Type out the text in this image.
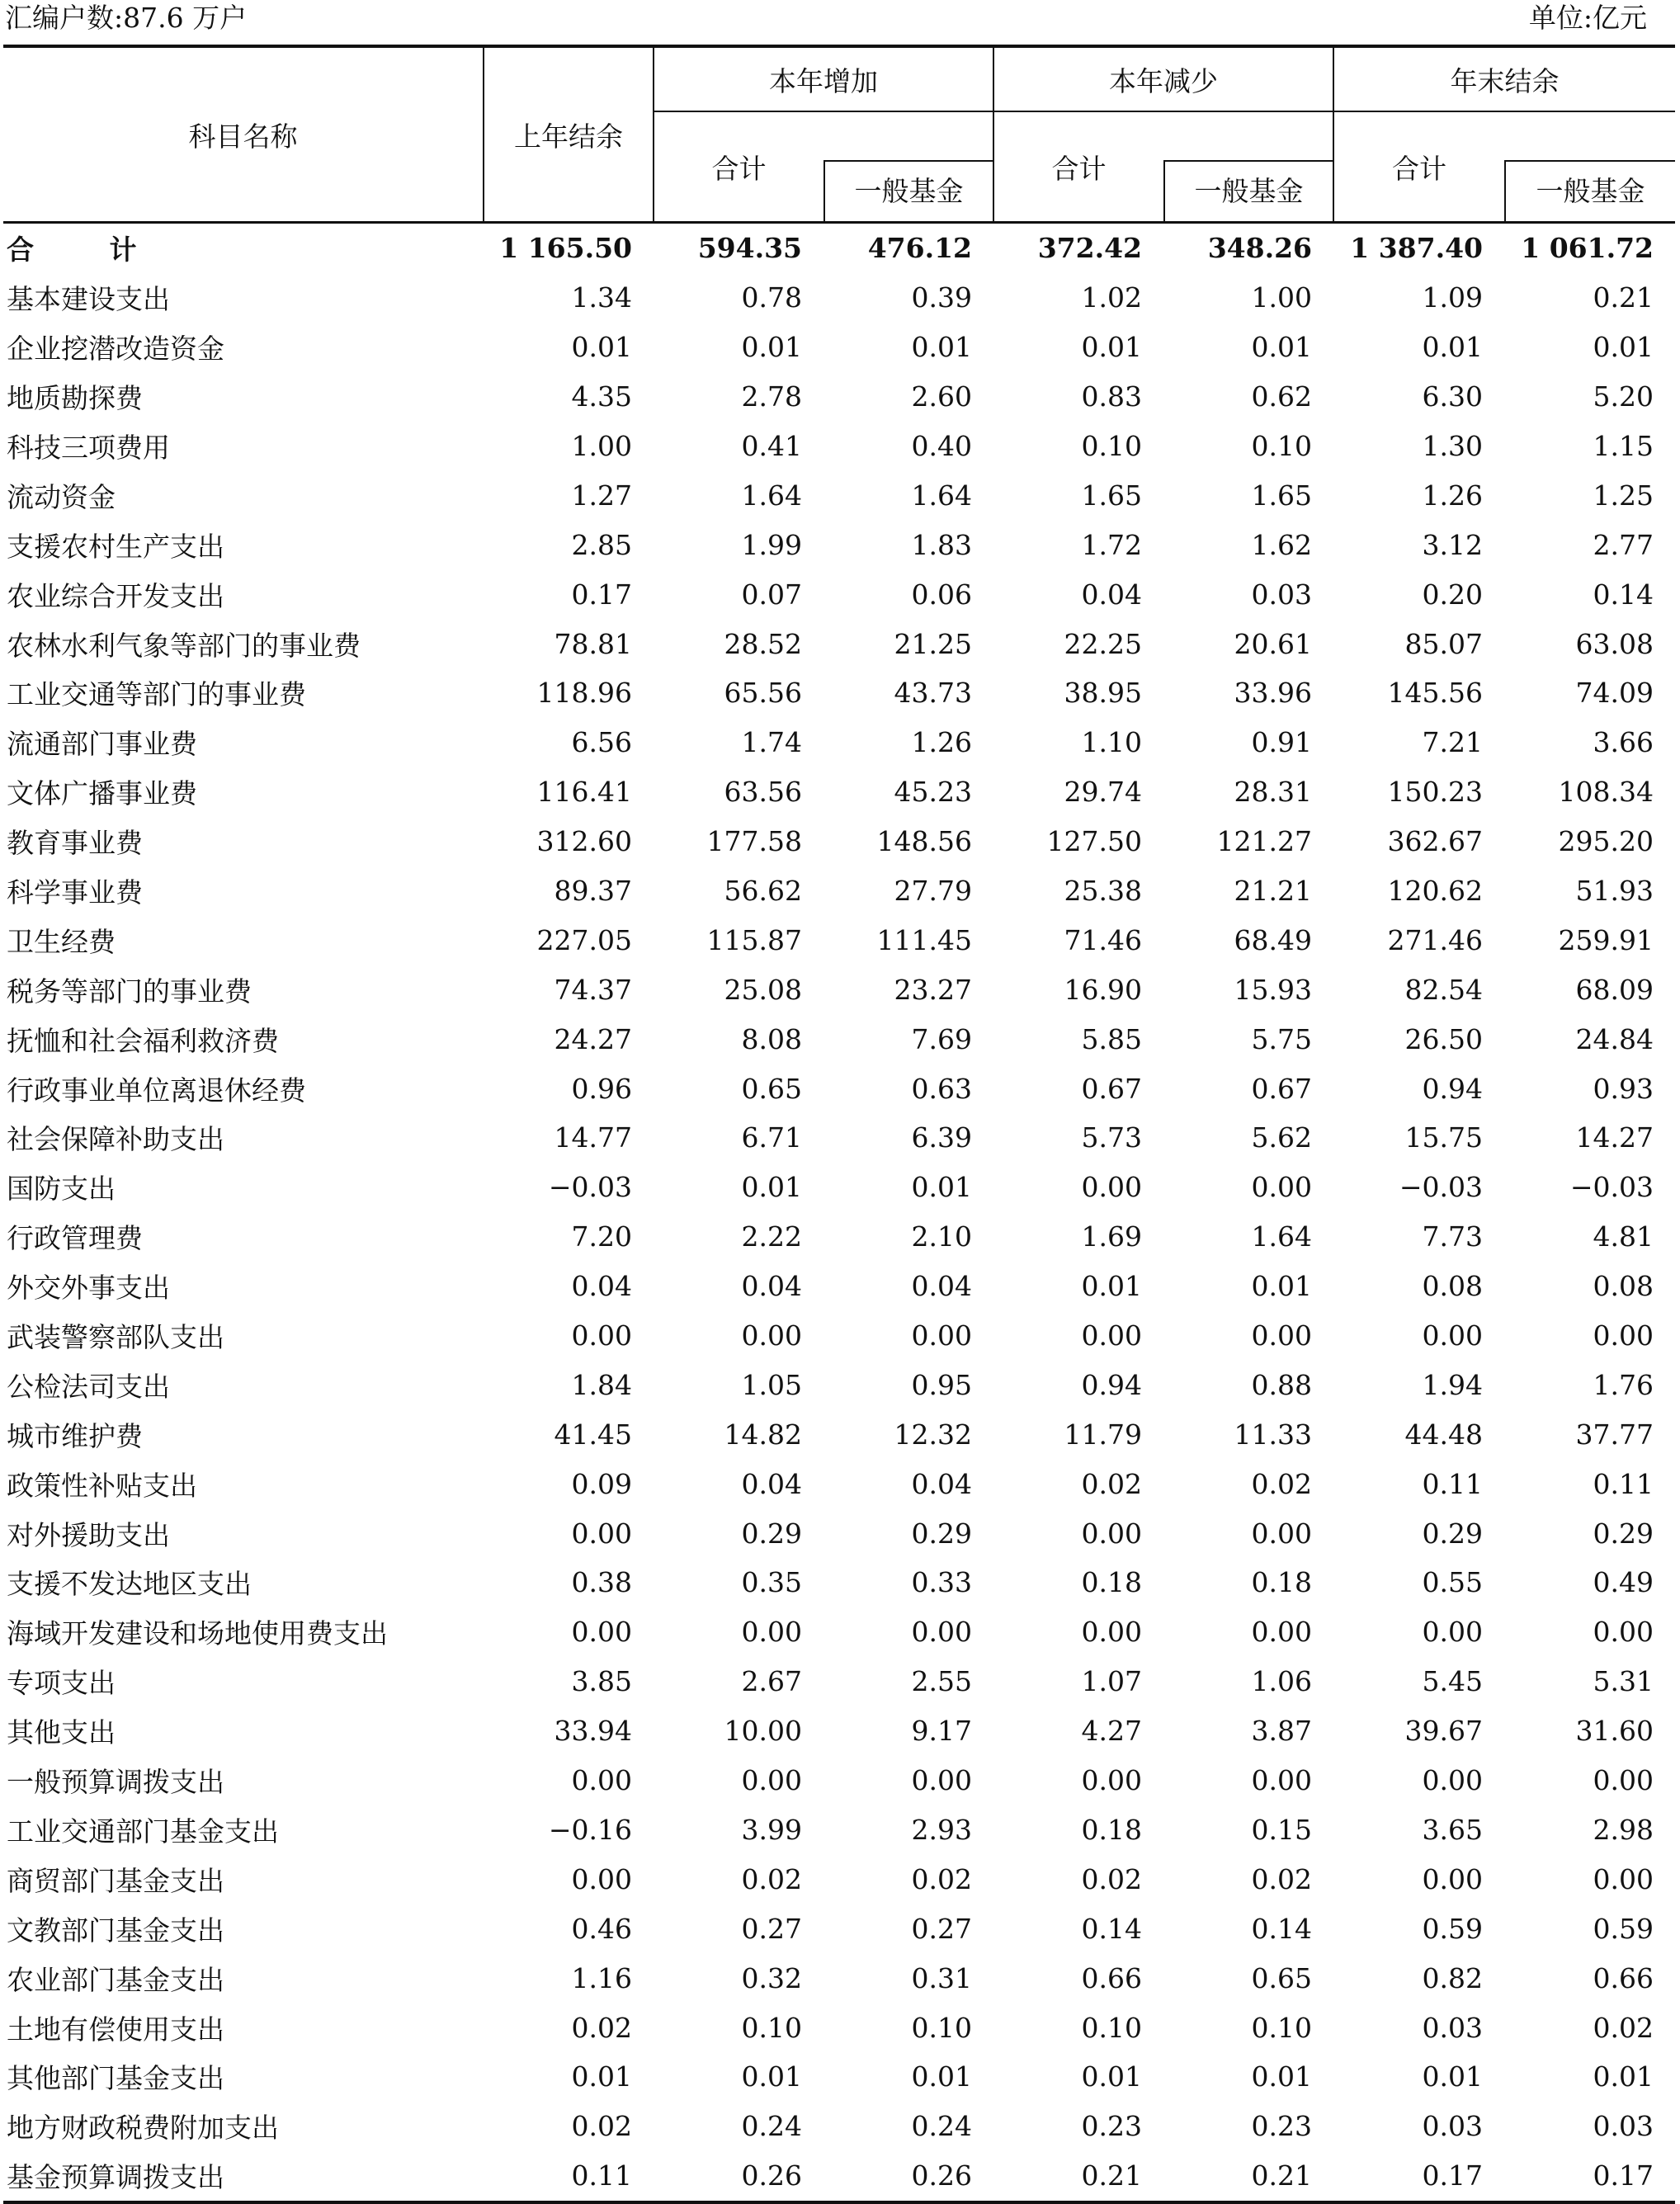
汇编户数:87.6 万户	单位:亿元
科目名称	上年结余	本年增加		本年减少		年末结余	
		合计	一般基金	合计	一般基金	合计	一般基金

合 计	1 165.50	594.35	476.12	372.42	348.26	1 387.40	1 061.72
基本建设支出	1.34	0.78	0.39	1.02	1.00	1.09	0.21
企业挖潜改造资金	0.01	0.01	0.01	0.01	0.01	0.01	0.01
地质勘探费	4.35	2.78	2.60	0.83	0.62	6.30	5.20
科技三项费用	1.00	0.41	0.40	0.10	0.10	1.30	1.15
流动资金	1.27	1.64	1.64	1.65	1.65	1.26	1.25
支援农村生产支出	2.85	1.99	1.83	1.72	1.62	3.12	2.77
农业综合开发支出	0.17	0.07	0.06	0.04	0.03	0.20	0.14
农林水利气象等部门的事业费	78.81	28.52	21.25	22.25	20.61	85.07	63.08
工业交通等部门的事业费	118.96	65.56	43.73	38.95	33.96	145.56	74.09
流通部门事业费	6.56	1.74	1.26	1.10	0.91	7.21	3.66
文体广播事业费	116.41	63.56	45.23	29.74	28.31	150.23	108.34
教育事业费	312.60	177.58	148.56	127.50	121.27	362.67	295.20
科学事业费	89.37	56.62	27.79	25.38	21.21	120.62	51.93
卫生经费	227.05	115.87	111.45	71.46	68.49	271.46	259.91
税务等部门的事业费	74.37	25.08	23.27	16.90	15.93	82.54	68.09
抚恤和社会福利救济费	24.27	8.08	7.69	5.85	5.75	26.50	24.84
行政事业单位离退休经费	0.96	0.65	0.63	0.67	0.67	0.94	0.93
社会保障补助支出	14.77	6.71	6.39	5.73	5.62	15.75	14.27
国防支出	−0.03	0.01	0.01	0.00	0.00	−0.03	−0.03
行政管理费	7.20	2.22	2.10	1.69	1.64	7.73	4.81
外交外事支出	0.04	0.04	0.04	0.01	0.01	0.08	0.08
武装警察部队支出	0.00	0.00	0.00	0.00	0.00	0.00	0.00
公检法司支出	1.84	1.05	0.95	0.94	0.88	1.94	1.76
城市维护费	41.45	14.82	12.32	11.79	11.33	44.48	37.77
政策性补贴支出	0.09	0.04	0.04	0.02	0.02	0.11	0.11
对外援助支出	0.00	0.29	0.29	0.00	0.00	0.29	0.29
支援不发达地区支出	0.38	0.35	0.33	0.18	0.18	0.55	0.49
海域开发建设和场地使用费支出	0.00	0.00	0.00	0.00	0.00	0.00	0.00
专项支出	3.85	2.67	2.55	1.07	1.06	5.45	5.31
其他支出	33.94	10.00	9.17	4.27	3.87	39.67	31.60
一般预算调拨支出	0.00	0.00	0.00	0.00	0.00	0.00	0.00
工业交通部门基金支出	−0.16	3.99	2.93	0.18	0.15	3.65	2.98
商贸部门基金支出	0.00	0.02	0.02	0.02	0.02	0.00	0.00
文教部门基金支出	0.46	0.27	0.27	0.14	0.14	0.59	0.59
农业部门基金支出	1.16	0.32	0.31	0.66	0.65	0.82	0.66
土地有偿使用支出	0.02	0.10	0.10	0.10	0.10	0.03	0.02
其他部门基金支出	0.01	0.01	0.01	0.01	0.01	0.01	0.01
地方财政税费附加支出	0.02	0.24	0.24	0.23	0.23	0.03	0.03
基金预算调拨支出	0.11	0.26	0.26	0.21	0.21	0.17	0.17
